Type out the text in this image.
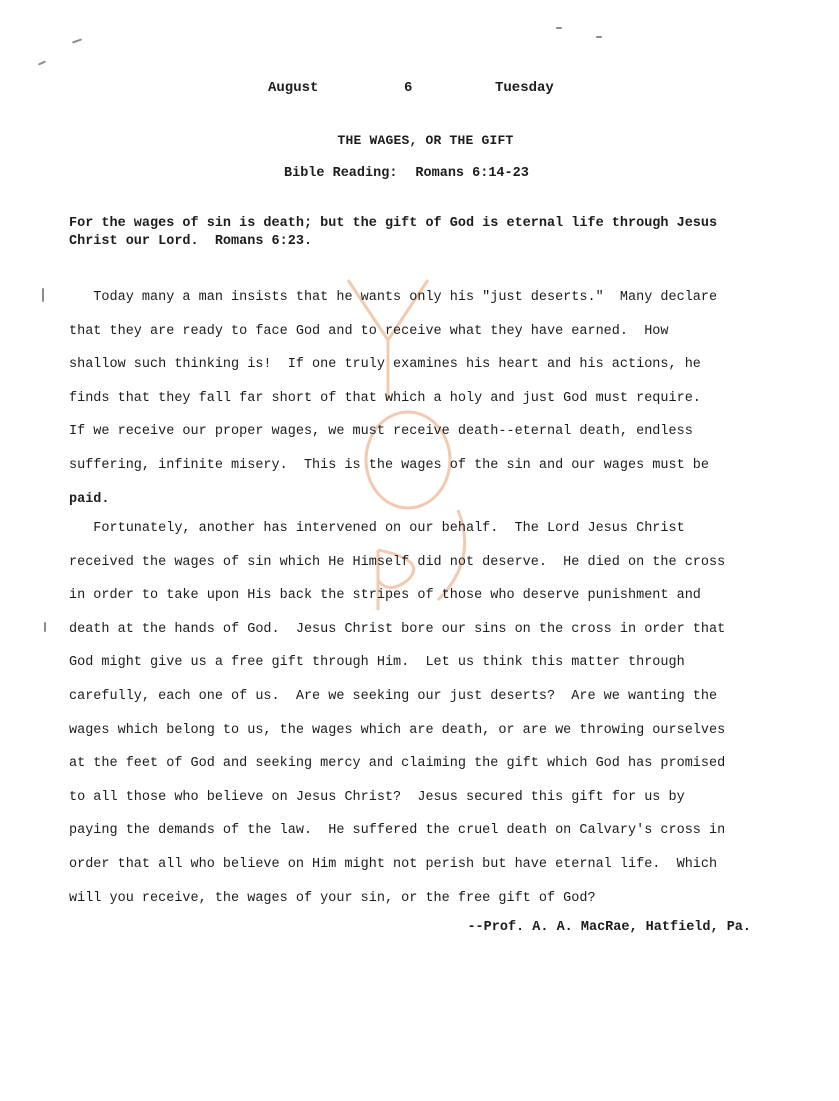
August	6	Tuesday
THE WAGES, OR THE GIFT
Bible Reading: Romans 6:14-23
For the wages of sin is death; but the gift of God is eternal life through Jesus
Christ our Lord.  Romans 6:23.
Today many a man insists that he wants only his "just deserts."  Many declare
that they are ready to face God and to receive what they have earned.  How
shallow such thinking is!  If one truly examines his heart and his actions, he
finds that they fall far short of that which a holy and just God must require.
If we receive our proper wages, we must receive death--eternal death, endless
suffering, infinite misery.  This is the wages of the sin and our wages must be
paid.
Fortunately, another has intervened on our behalf.  The Lord Jesus Christ
received the wages of sin which He Himself did not deserve.  He died on the cross
in order to take upon His back the stripes of those who deserve punishment and
death at the hands of God.  Jesus Christ bore our sins on the cross in order that
God might give us a free gift through Him.  Let us think this matter through
carefully, each one of us.  Are we seeking our just deserts?  Are we wanting the
wages which belong to us, the wages which are death, or are we throwing ourselves
at the feet of God and seeking mercy and claiming the gift which God has promised
to all those who believe on Jesus Christ?  Jesus secured this gift for us by
paying the demands of the law.  He suffered the cruel death on Calvary's cross in
order that all who believe on Him might not perish but have eternal life.  Which
will you receive, the wages of your sin, or the free gift of God?
--Prof. A. A. MacRae, Hatfield, Pa.
